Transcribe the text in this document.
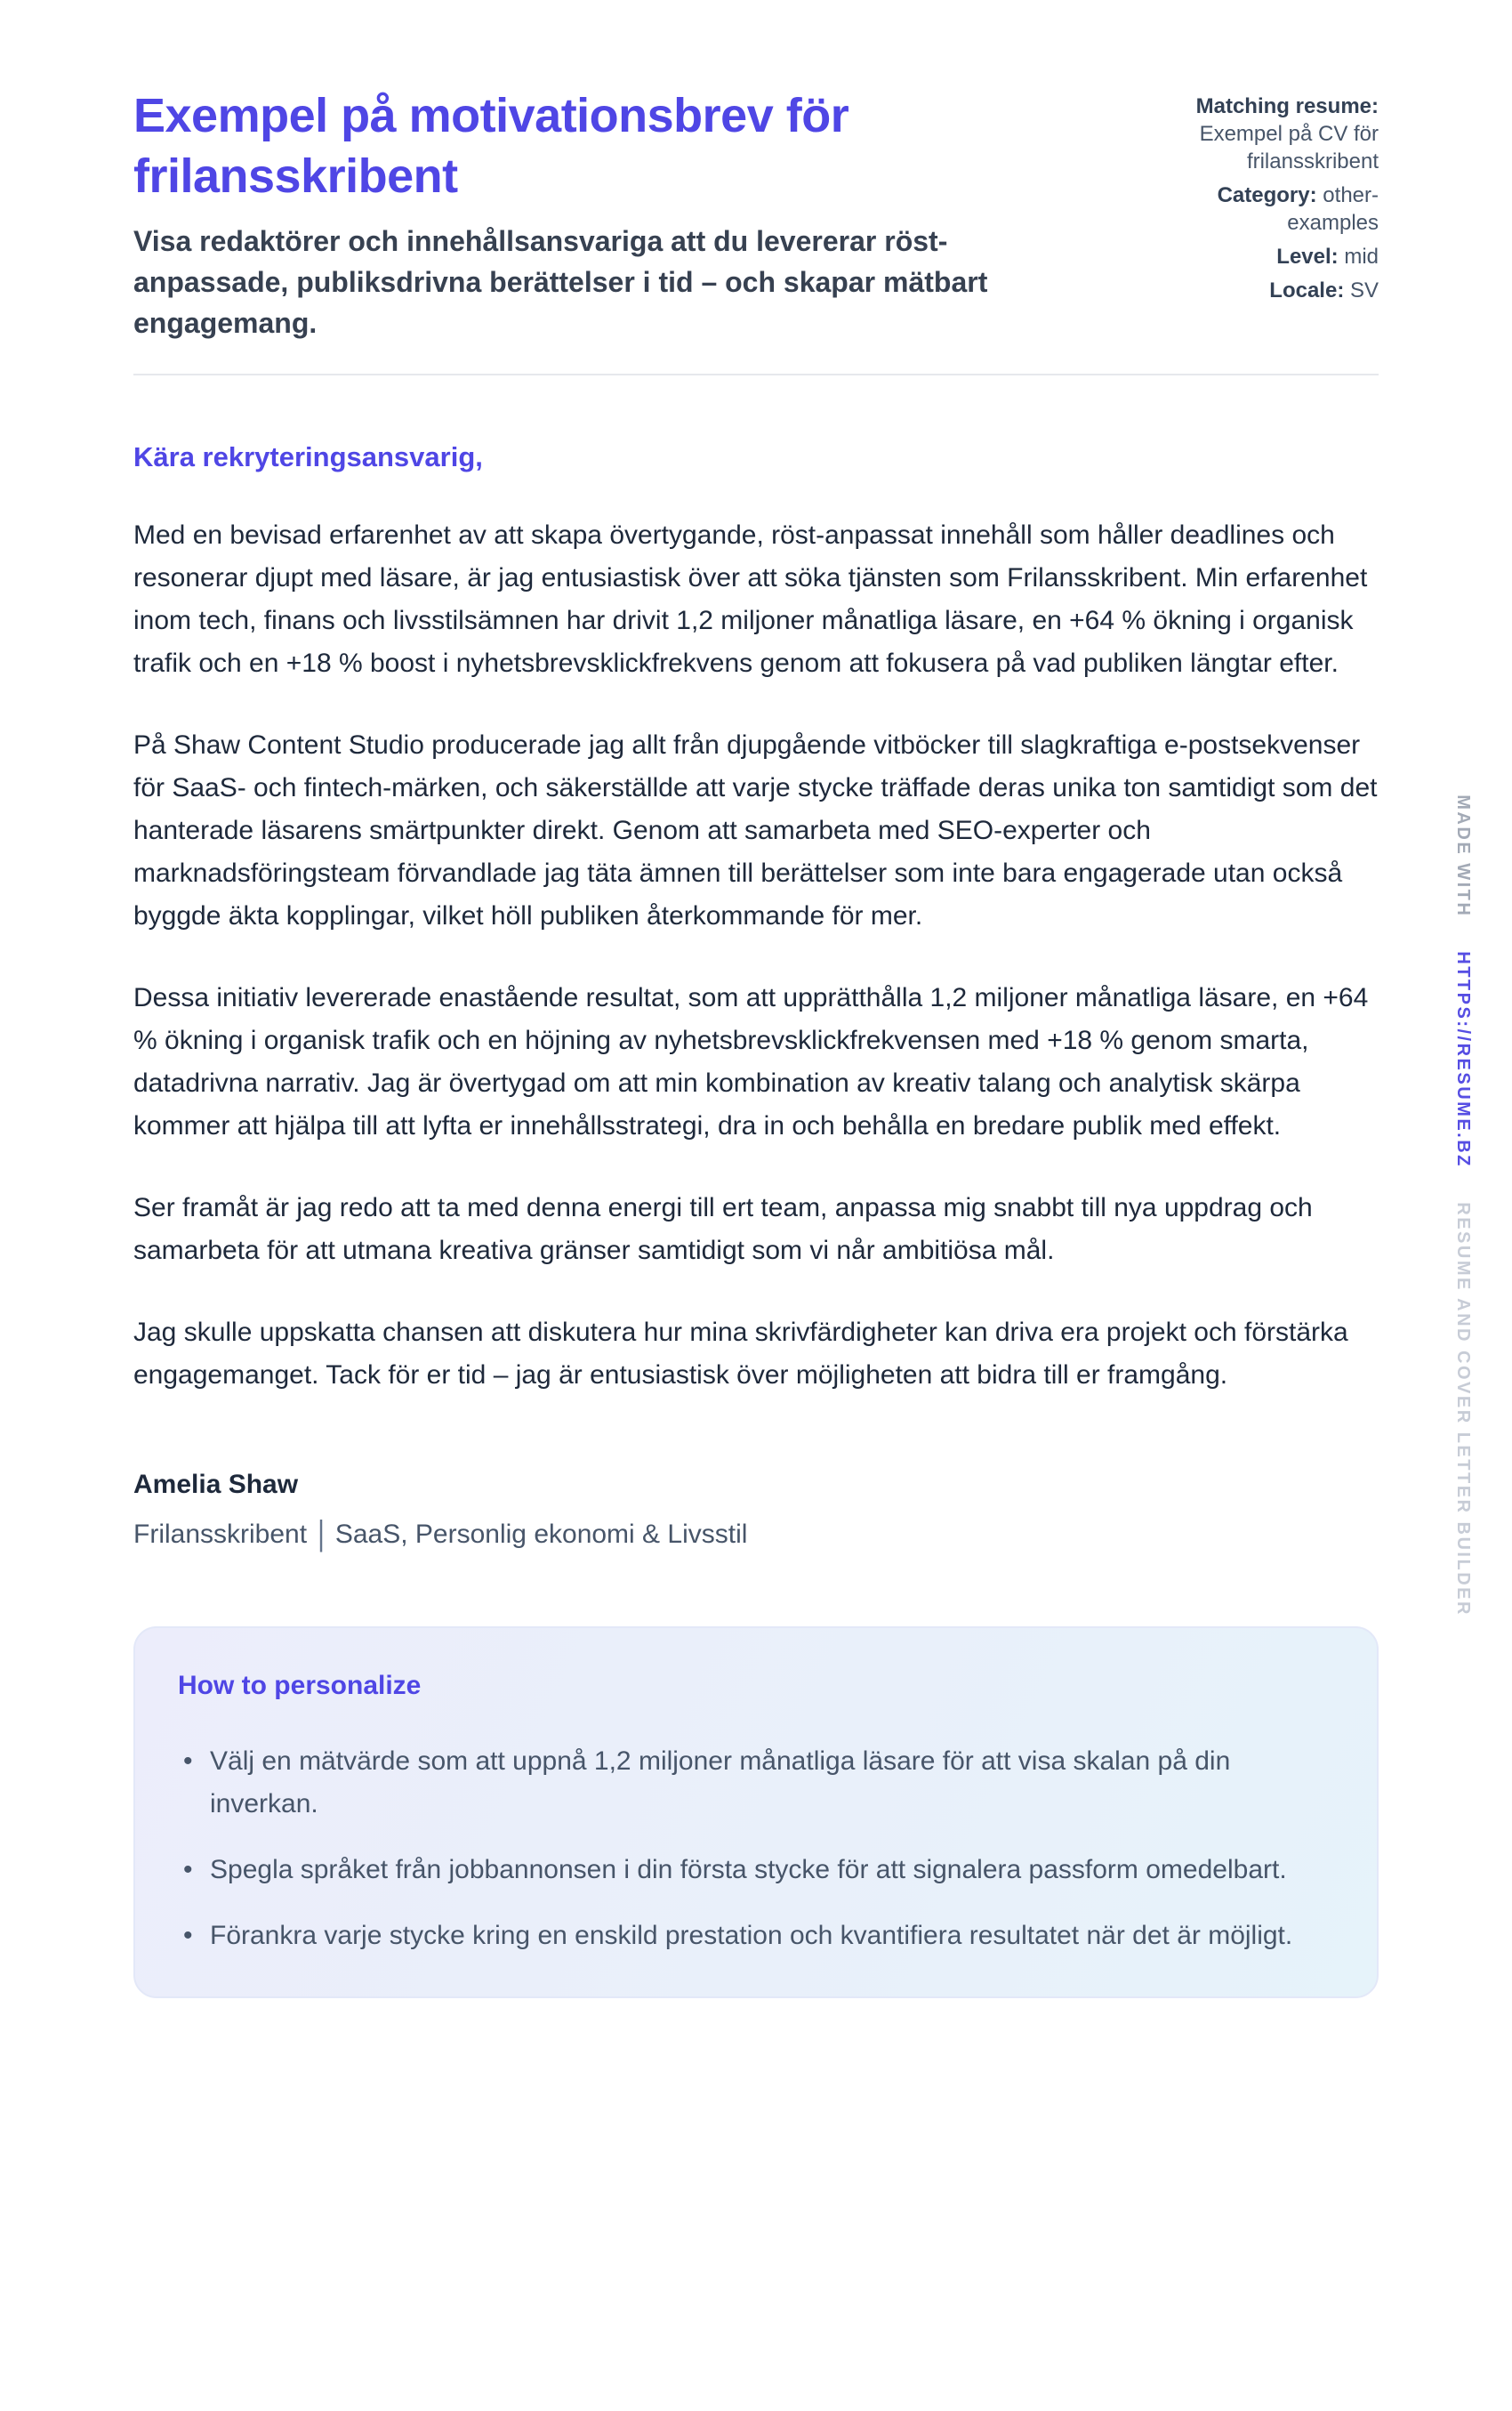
Exempel på motivationsbrev för frilansskribent
Visa redaktörer och innehållsansvariga att du levererar röst-anpassade, publiksdrivna berättelser i tid – och skapar mätbart engagemang.
Matching resume: Exempel på CV för frilansskribent
Category: other-examples
Level: mid
Locale: SV
Kära rekryteringsansvarig,

Med en bevisad erfarenhet av att skapa övertygande, röst-anpassat innehåll som håller deadlines och resonerar djupt med läsare, är jag entusiastisk över att söka tjänsten som Frilansskribent. Min erfarenhet inom tech, finans och livsstilsämnen har drivit 1,2 miljoner månatliga läsare, en +64 % ökning i organisk trafik och en +18 % boost i nyhetsbrevsklickfrekvens genom att fokusera på vad publiken längtar efter.

På Shaw Content Studio producerade jag allt från djupgående vitböcker till slagkraftiga e-postsekvenser för SaaS- och fintech-märken, och säkerställde att varje stycke träffade deras unika ton samtidigt som det hanterade läsarens smärtpunkter direkt. Genom att samarbeta med SEO-experter och marknadsföringsteam förvandlade jag täta ämnen till berättelser som inte bara engagerade utan också byggde äkta kopplingar, vilket höll publiken återkommande för mer.

Dessa initiativ levererade enastående resultat, som att upprätthålla 1,2 miljoner månatliga läsare, en +64 % ökning i organisk trafik och en höjning av nyhetsbrevsklickfrekvensen med +18 % genom smarta, datadrivna narrativ. Jag är övertygad om att min kombination av kreativ talang och analytisk skärpa kommer att hjälpa till att lyfta er innehållsstrategi, dra in och behålla en bredare publik med effekt.

Ser framåt är jag redo att ta med denna energi till ert team, anpassa mig snabbt till nya uppdrag och samarbeta för att utmana kreativa gränser samtidigt som vi når ambitiösa mål.

Jag skulle uppskatta chansen att diskutera hur mina skrivfärdigheter kan driva era projekt och förstärka engagemanget. Tack för er tid – jag är entusiastisk över möjligheten att bidra till er framgång.

Amelia Shaw
Frilansskribent | SaaS, Personlig ekonomi & Livsstil
How to personalize
• Välj en mätvärde som att uppnå 1,2 miljoner månatliga läsare för att visa skalan på din inverkan.
• Spegla språket från jobbannonsen i din första stycke för att signalera passform omedelbart.
• Förankra varje stycke kring en enskild prestation och kvantifiera resultatet när det är möjligt.
MADE WITH HTTPS://RESUME.BZ RESUME AND COVER LETTER BUILDER
